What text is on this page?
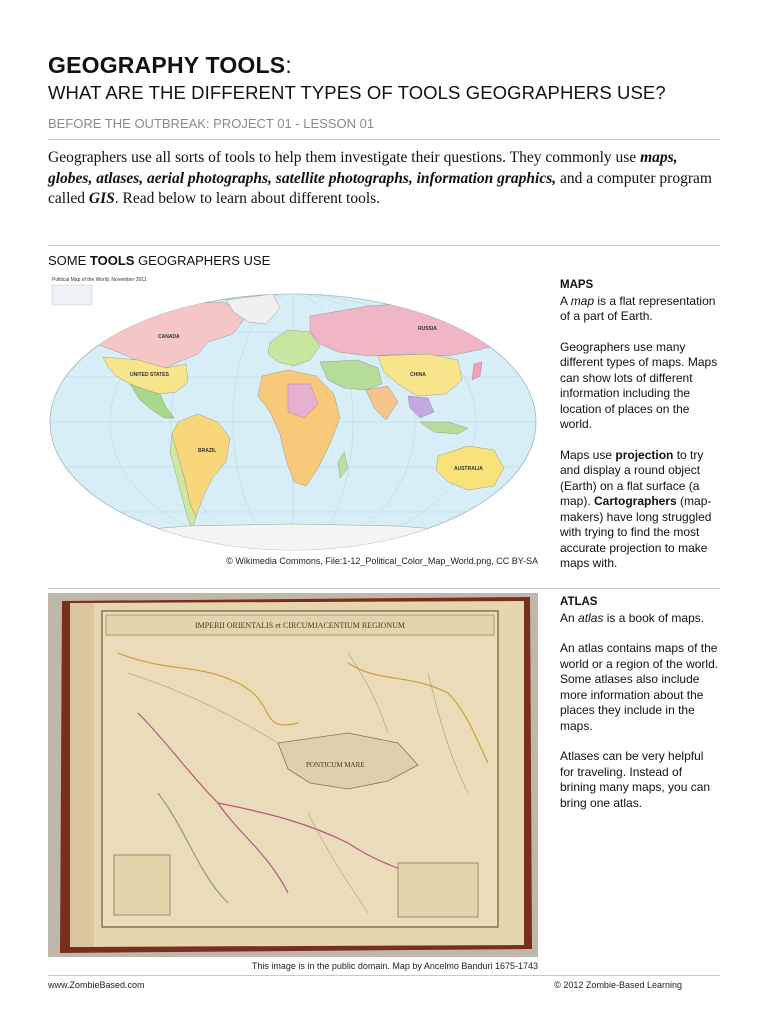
GEOGRAPHY TOOLS:
WHAT ARE THE DIFFERENT TYPES OF TOOLS GEOGRAPHERS USE?
BEFORE THE OUTBREAK: PROJECT 01 - LESSON 01

Geographers use all sorts of tools to help them investigate their questions. They commonly use maps, globes, atlases, aerial photographs, satellite photographs, information graphics, and a computer program called GIS. Read below to learn about different tools.

SOME TOOLS GEOGRAPHERS USE
Political Map of the World, November 2011
UNITED STATES
CANADA
BRAZIL
RUSSIA
CHINA
AUSTRALIA
© Wikimedia Commons, File:1-12_Political_Color_Map_World.png, CC BY-SA
MAPS

A map is a flat representation of a part of Earth.

Geographers use many different types of maps. Maps can show lots of different information including the location of places on the world.

Maps use projection to try and display a round object (Earth) on a flat surface (a map). Cartographers (map-makers) have long struggled with trying to find the most accurate projection to make maps with.

IMPERII ORIENTALIS et CIRCUMJACENTIUM REGIONUM
PONTICUM MARE
This image is in the public domain. Map by Ancelmo Banduri 1675-1743
ATLAS

An atlas is a book of maps.

An atlas contains maps of the world or a region of the world. Some atlases also include more information about the places they include in the maps.

Atlases can be very helpful for traveling. Instead of brining many maps, you can bring one atlas.

www.ZombieBased.com	© 2012 Zombie-Based Learning
